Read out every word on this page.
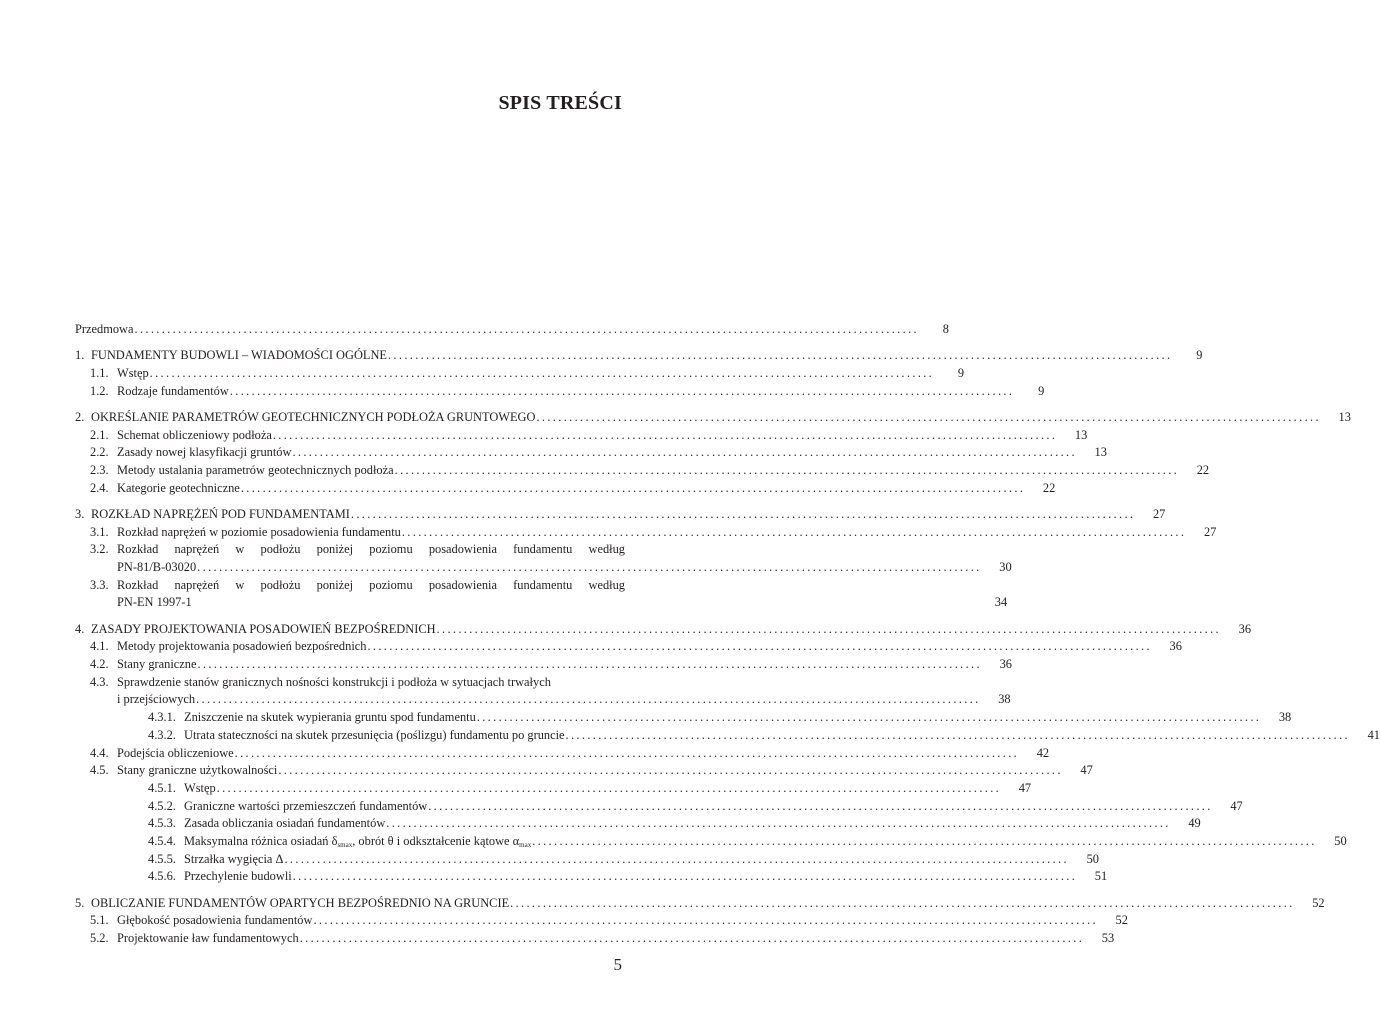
SPIS TREŚCI
Przedmowa ................................................................................................................................................	8
1. FUNDAMENTY BUDOWLI – WIADOMOŚCI OGÓLNE ................................................................................................................................................	9
1.1. Wstęp ................................................................................................................................................	9
1.2. Rodzaje fundamentów ................................................................................................................................................	9
2. OKREŚLANIE PARAMETRÓW GEOTECHNICZNYCH PODŁOŻA GRUNTOWEGO ................................................................................................................................................	13
2.1. Schemat obliczeniowy podłoża ................................................................................................................................................	13
2.2. Zasady nowej klasyfikacji gruntów ................................................................................................................................................	13
2.3. Metody ustalania parametrów geotechnicznych podłoża ................................................................................................................................................	22
2.4. Kategorie geotechniczne ................................................................................................................................................	22
3. ROZKŁAD NAPRĘŻEŃ POD FUNDAMENTAMI ................................................................................................................................................	27
3.1. Rozkład naprężeń w poziomie posadowienia fundamentu ................................................................................................................................................	27
3.2. Rozkład naprężeń w podłożu poniżej poziomu posadowienia fundamentu według
PN-81/B-03020 ................................................................................................................................................	30
3.3. Rozkład naprężeń w podłożu poniżej poziomu posadowienia fundamentu według
PN-EN 1997-1	34
4. ZASADY PROJEKTOWANIA POSADOWIEŃ BEZPOŚREDNICH ................................................................................................................................................	36
4.1. Metody projektowania posadowień bezpośrednich ................................................................................................................................................	36
4.2. Stany graniczne ................................................................................................................................................	36
4.3. Sprawdzenie stanów granicznych nośności konstrukcji i podłoża w sytuacjach trwałych
i przejściowych ................................................................................................................................................	38
4.3.1. Zniszczenie na skutek wypierania gruntu spod fundamentu ................................................................................................................................................	38
4.3.2. Utrata stateczności na skutek przesunięcia (poślizgu) fundamentu po gruncie ................................................................................................................................................	41
4.4. Podejścia obliczeniowe ................................................................................................................................................	42
4.5. Stany graniczne użytkowalności ................................................................................................................................................	47
4.5.1. Wstęp ................................................................................................................................................	47
4.5.2. Graniczne wartości przemieszczeń fundamentów ................................................................................................................................................	47
4.5.3. Zasada obliczania osiadań fundamentów ................................................................................................................................................	49
4.5.4. Maksymalna różnica osiadań $\delta_{smax}$, obrót θ i odkształcenie kątowe $\alpha_{max}$ ................................................................................................................................................	50
4.5.5. Strzałka wygięcia Δ ................................................................................................................................................	50
4.5.6. Przechylenie budowli ................................................................................................................................................	51
5. OBLICZANIE FUNDAMENTÓW OPARTYCH BEZPOŚREDNIO NA GRUNCIE ................................................................................................................................................	52
5.1. Głębokość posadowienia fundamentów ................................................................................................................................................	52
5.2. Projektowanie ław fundamentowych ................................................................................................................................................	53
5
